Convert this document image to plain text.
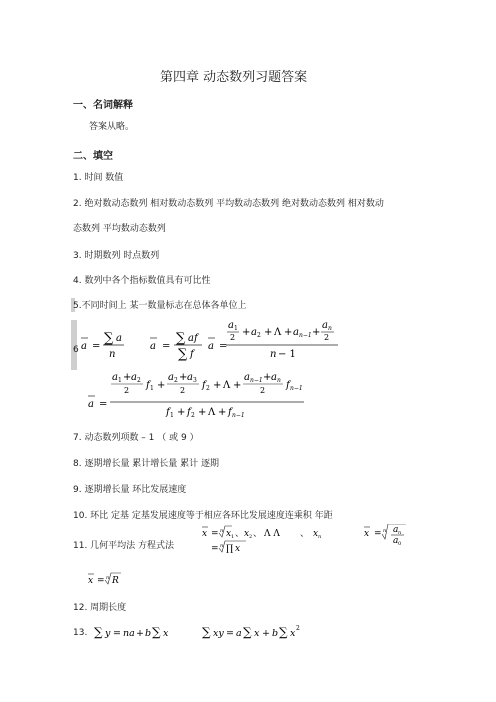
第四章 动态数列习题答案
一、名词解释
答案从略。
二、填空
1. 时间 数值
2. 绝对数动态数列 相对数动态数列 平均数动态数列 绝对数动态数列 相对数动
态数列 平均数动态数列
3. 时期数列 时点数列
4. 数列中各个指标数值具有可比性
5.不同时间上 某一数量标志在总体各单位上
6 a =
∑ a
n
a =
∑ af
∑ f
a =
a 1
2 + a 2 + Λ + a n−1 +
a n
2
n − 1
a =
a 1 + a 2
2 f 1 +
a 2 + a 3
2 f 2 + Λ +
a n−1 + a n
2 f n−1
f 1 + f 2 + Λ + f n−1
7. 动态数列项数 – 1 （ 或 9 ）
8. 逐期增长量 累计增长量 累计 逐期
9. 逐期增长量 环比发展速度
10. 环比 定基 定基发展速度等于相应各环比发展速度连乘积 年距
11. 几何平均法 方程式法
x = n x 1 、 x 2 、 Λ Λ 、 x n
= n ∏ x
x = n a n
a 0
x = n R
12. 周期长度
13. ∑ y = na + b ∑ x	∑ xy = a ∑ x + b ∑ x 2
